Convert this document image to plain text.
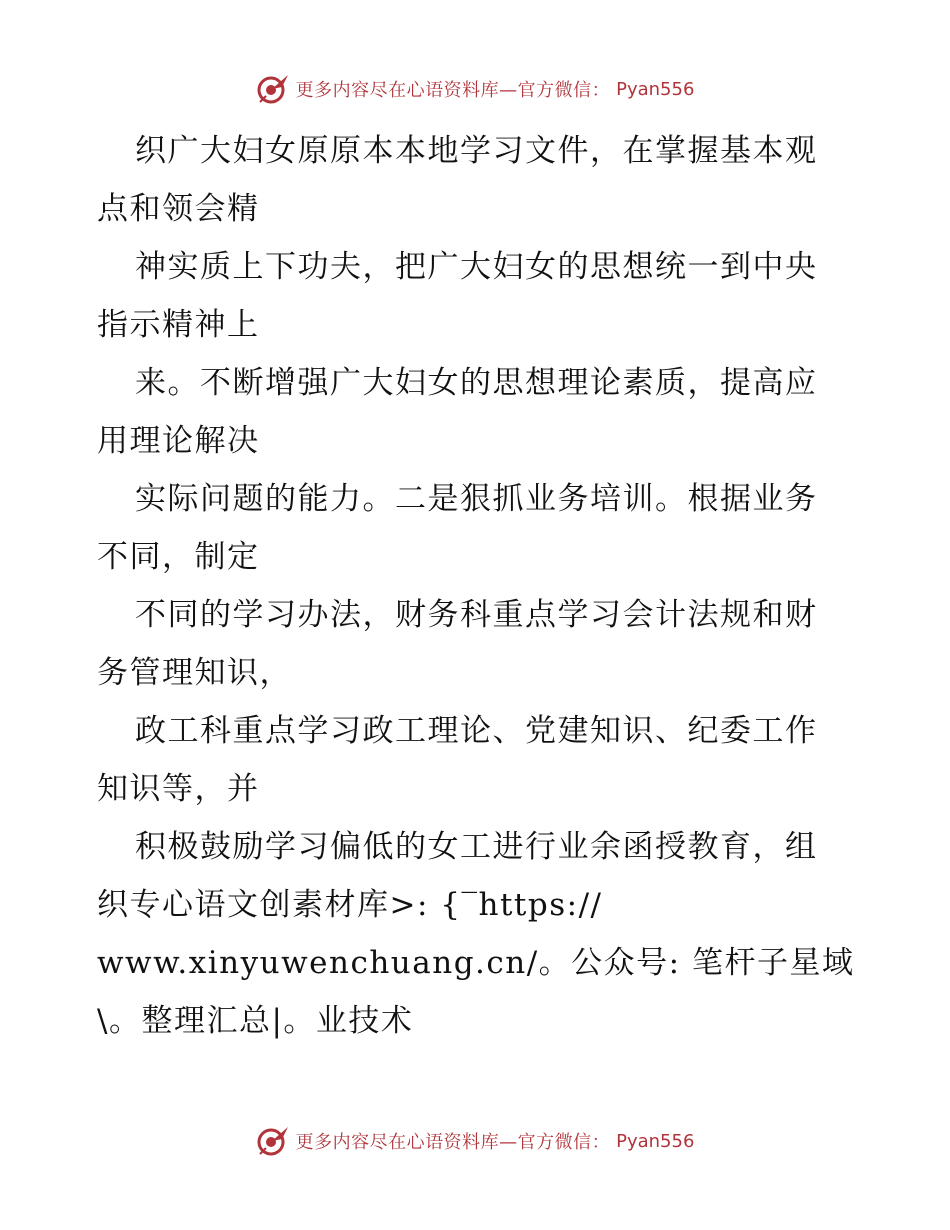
更多内容尽在心语资料库—官方微信： Pyan556
织广大妇女原原本本地学习文件，在掌握基本观
点和领会精
神实质上下功夫，把广大妇女的思想统一到中央
指示精神上
来。不断增强广大妇女的思想理论素质，提高应
用理论解决
实际问题的能力。二是狠抓业务培训。根据业务
不同，制定
不同的学习办法，财务科重点学习会计法规和财
务管理知识，
政工科重点学习政工理论、党建知识、纪委工作
知识等，并
积极鼓励学习偏低的女工进行业余函授教育，组
织专心语文创素材库>: {‾https://
www.xinyuwenchuang.cn/。公众号: 笔杆子星域
\。整理汇总|。业技术
更多内容尽在心语资料库—官方微信： Pyan556
